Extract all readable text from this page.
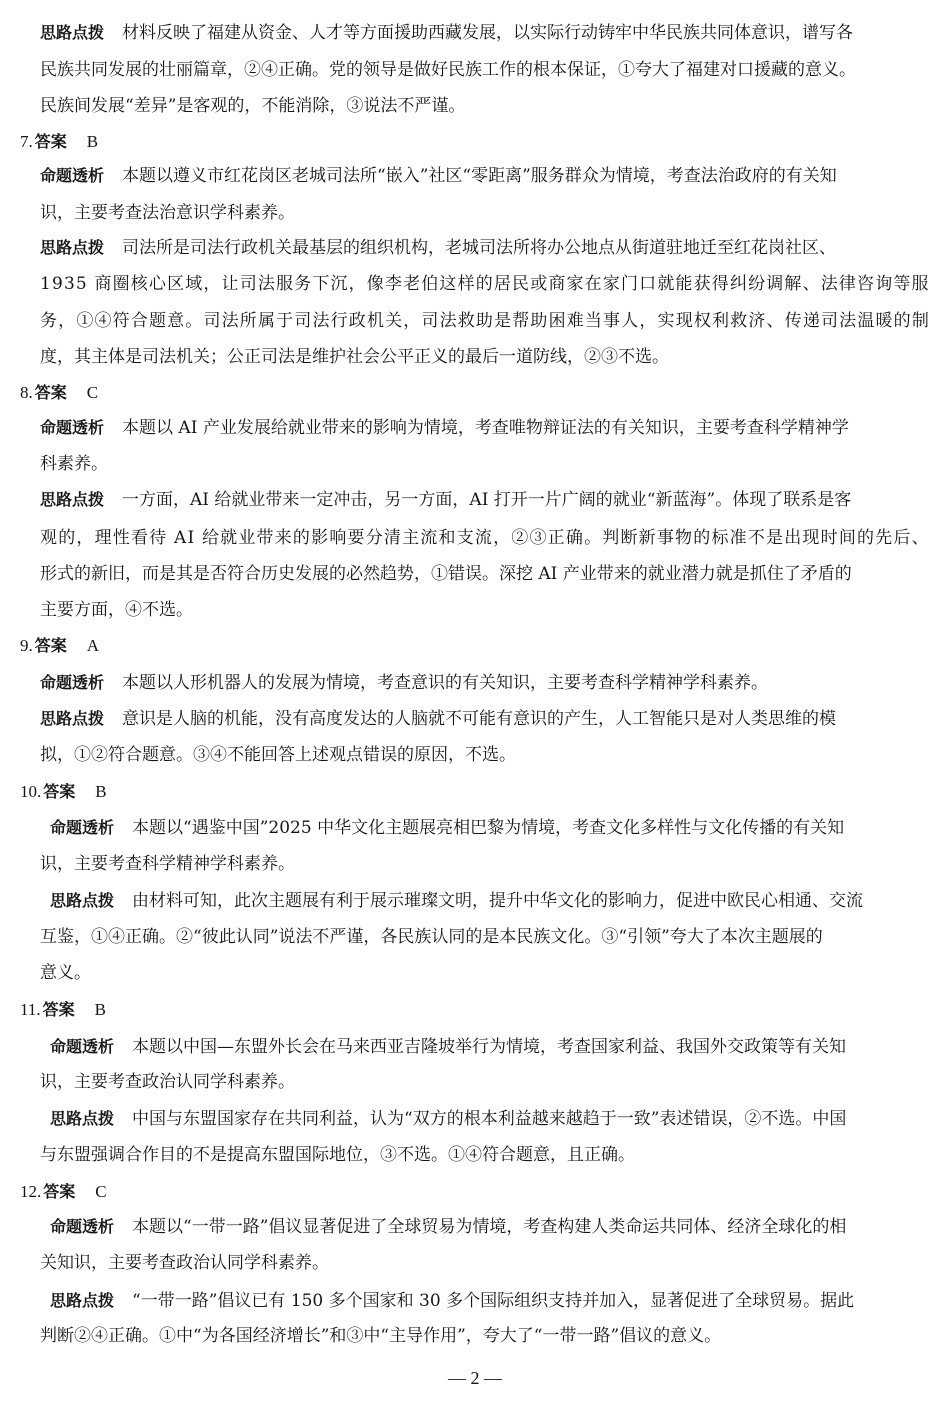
思路点拨 材料反映了福建从资金、人才等方面援助西藏发展，以实际行动铸牢中华民族共同体意识，谱写各
民族共同发展的壮丽篇章，②④正确。党的领导是做好民族工作的根本保证，①夸大了福建对口援藏的意义。
民族间发展“差异”是客观的，不能消除，③说法不严谨。
7. 答案 B
命题透析 本题以遵义市红花岗区老城司法所“嵌入”社区“零距离”服务群众为情境，考查法治政府的有关知
识，主要考查法治意识学科素养。
思路点拨 司法所是司法行政机关最基层的组织机构，老城司法所将办公地点从街道驻地迁至红花岗社区、
1935 商圈核心区域，让司法服务下沉，像李老伯这样的居民或商家在家门口就能获得纠纷调解、法律咨询等服
务，①④符合题意。司法所属于司法行政机关，司法救助是帮助困难当事人，实现权利救济、传递司法温暖的制
度，其主体是司法机关；公正司法是维护社会公平正义的最后一道防线，②③不选。
8. 答案 C
命题透析 本题以 AI 产业发展给就业带来的影响为情境，考查唯物辩证法的有关知识，主要考查科学精神学
科素养。
思路点拨 一方面，AI 给就业带来一定冲击，另一方面，AI 打开一片广阔的就业“新蓝海”。体现了联系是客
观的，理性看待 AI 给就业带来的影响要分清主流和支流，②③正确。判断新事物的标准不是出现时间的先后、
形式的新旧，而是其是否符合历史发展的必然趋势，①错误。深挖 AI 产业带来的就业潜力就是抓住了矛盾的
主要方面，④不选。
9. 答案 A
命题透析 本题以人形机器人的发展为情境，考查意识的有关知识，主要考查科学精神学科素养。
思路点拨 意识是人脑的机能，没有高度发达的人脑就不可能有意识的产生，人工智能只是对人类思维的模
拟，①②符合题意。③④不能回答上述观点错误的原因，不选。
10. 答案 B
命题透析 本题以“遇鉴中国”2025 中华文化主题展亮相巴黎为情境，考查文化多样性与文化传播的有关知
识，主要考查科学精神学科素养。
思路点拨 由材料可知，此次主题展有利于展示璀璨文明，提升中华文化的影响力，促进中欧民心相通、交流
互鉴，①④正确。②“彼此认同”说法不严谨，各民族认同的是本民族文化。③“引领”夸大了本次主题展的
意义。
11. 答案 B
命题透析 本题以中国—东盟外长会在马来西亚吉隆坡举行为情境，考查国家利益、我国外交政策等有关知
识，主要考查政治认同学科素养。
思路点拨 中国与东盟国家存在共同利益，认为“双方的根本利益越来越趋于一致”表述错误，②不选。中国
与东盟强调合作目的不是提高东盟国际地位，③不选。①④符合题意，且正确。
12. 答案 C
命题透析 本题以“一带一路”倡议显著促进了全球贸易为情境，考查构建人类命运共同体、经济全球化的相
关知识，主要考查政治认同学科素养。
思路点拨 “一带一路”倡议已有 150 多个国家和 30 多个国际组织支持并加入，显著促进了全球贸易。据此
判断②④正确。①中“为各国经济增长”和③中“主导作用”，夸大了“一带一路”倡议的意义。
— 2 —
